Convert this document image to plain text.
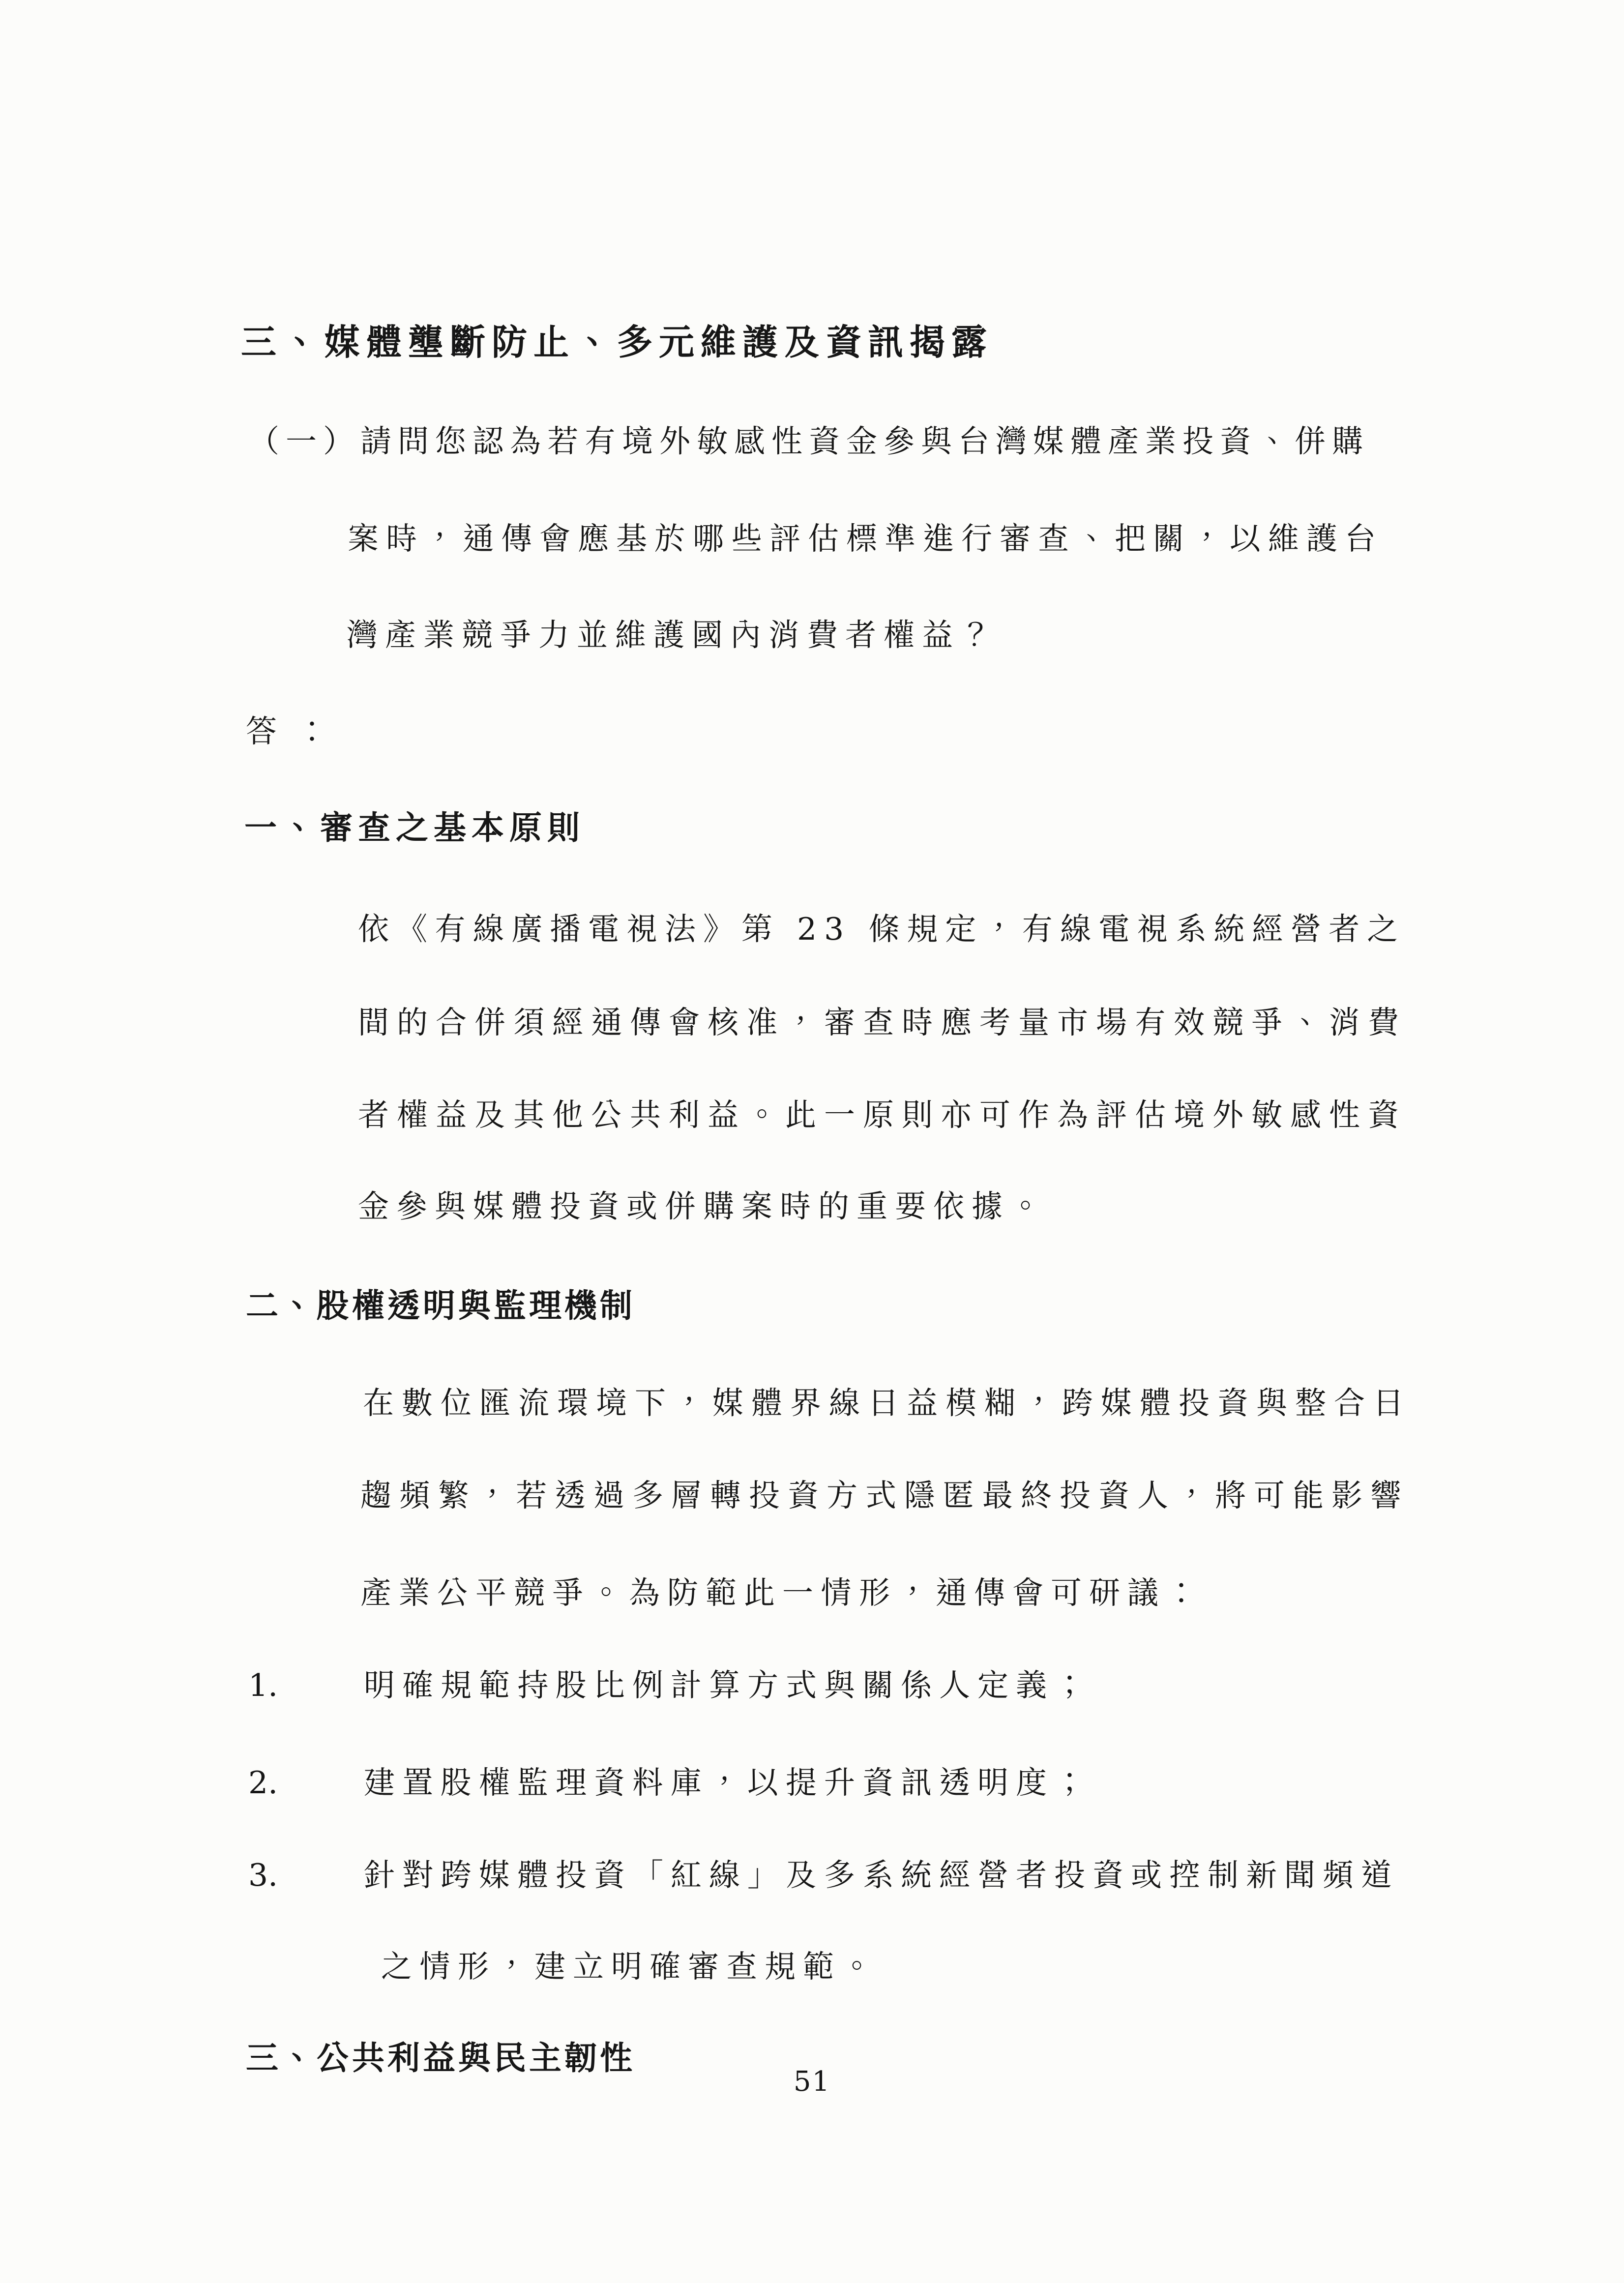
三、媒體壟斷防止、多元維護及資訊揭露
（一）請問您認為若有境外敏感性資金參與台灣媒體產業投資、併購
案時，通傳會應基於哪些評估標準進行審查、把關，以維護台
灣產業競爭力並維護國內消費者權益？
答：
一、審查之基本原則
依《有線廣播電視法》第 23 條規定，有線電視系統經營者之
間的合併須經通傳會核准，審查時應考量市場有效競爭、消費
者權益及其他公共利益。此一原則亦可作為評估境外敏感性資
金參與媒體投資或併購案時的重要依據。
二、股權透明與監理機制
在數位匯流環境下，媒體界線日益模糊，跨媒體投資與整合日
趨頻繁，若透過多層轉投資方式隱匿最終投資人，將可能影響
產業公平競爭。為防範此一情形，通傳會可研議：
1.	明確規範持股比例計算方式與關係人定義；
2.	建置股權監理資料庫，以提升資訊透明度；
3.	針對跨媒體投資「紅線」及多系統經營者投資或控制新聞頻道
之情形，建立明確審查規範。
三、公共利益與民主韌性
51
